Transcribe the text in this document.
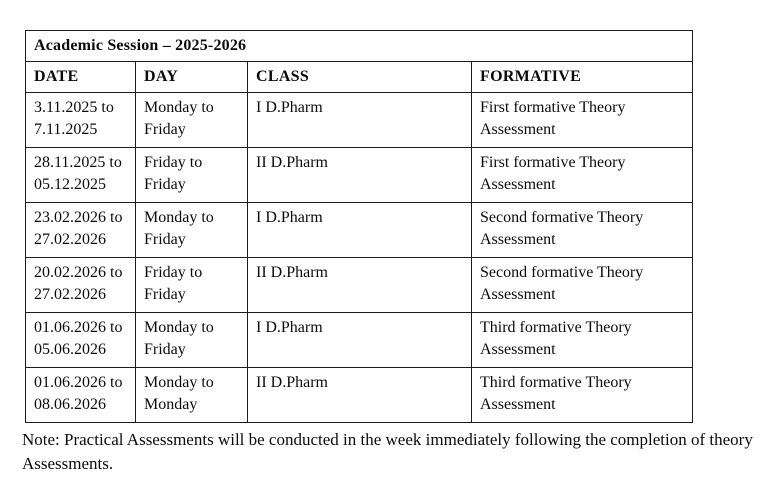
Academic Session – 2025-2026			
DATE	DAY	CLASS	FORMATIVE
3.11.2025 to 7.11.2025	Monday to Friday	I D.Pharm	First formative Theory Assessment
28.11.2025 to 05.12.2025	Friday to Friday	II D.Pharm	First formative Theory Assessment
23.02.2026 to 27.02.2026	Monday to Friday	I D.Pharm	Second formative Theory Assessment
20.02.2026 to 27.02.2026	Friday to Friday	II D.Pharm	Second formative Theory Assessment
01.06.2026 to 05.06.2026	Monday to Friday	I D.Pharm	Third formative Theory Assessment
01.06.2026 to 08.06.2026	Monday to Monday	II D.Pharm	Third formative Theory Assessment

Note: Practical Assessments will be conducted in the week immediately following the completion of theory Assessments.
